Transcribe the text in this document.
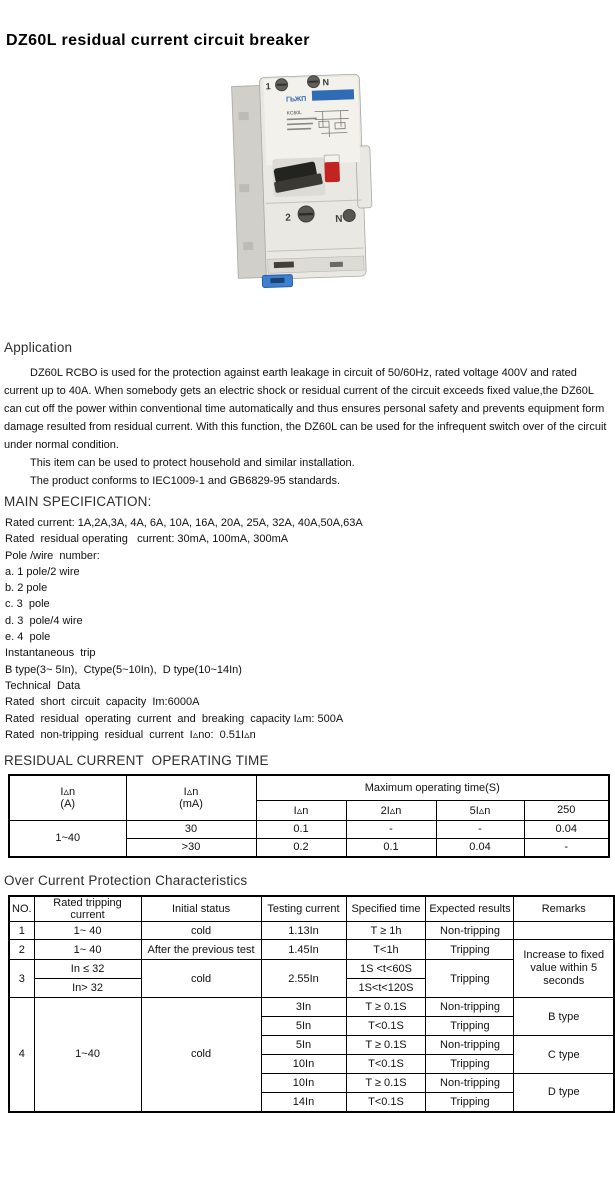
DZ60L residual current circuit breaker
1	N
ГЬЖП
KC60L
2	N
Application
DZ60L RCBO is used for the protection against earth leakage in circuit of 50/60Hz, rated voltage 400V and rated current up to 40A. When somebody gets an electric shock or residual current of the circuit exceeds fixed value,the DZ60L can cut off the power within conventional time automatically and thus ensures personal safety and prevents equipment form damage resulted from residual current. With this function, the DZ60L can be used for the infrequent switch over of the circuit under normal condition.
This item can be used to protect household and similar installation.
The product conforms to IEC1009-1 and GB6829-95 standards.
MAIN SPECIFICATION:
Rated current: 1A,2A,3A, 4A, 6A, 10A, 16A, 20A, 25A, 32A, 40A,50A,63A
Rated  residual operating   current: 30mA, 100mA, 300mA
Pole /wire  number:
a. 1 pole/2 wire
b. 2 pole
c. 3  pole
d. 3  pole/4 wire
e. 4  pole
Instantaneous  trip
B type(3~ 5In),  Ctype(5~10In),  D type(10~14In)
Technical  Data
Rated  short  circuit  capacity  Im:6000A
Rated  residual  operating  current  and  breaking  capacity I▵m: 500A
Rated  non-tripping  residual  current  I▵no:  0.51I▵n
RESIDUAL CURRENT  OPERATING TIME
I▵n
(A)

I▵n
(mA)
	Maximum operating time(S)
		I▵n	2I▵n	5I▵n	250
1~40	30	0.1	-	-	0.04
	>30	0.2	0.1	0.04	-
Over Current Protection Characteristics
NO.	Rated tripping current	Initial status	Testing current	Specified time	Expected results	Remarks
1	1~ 40	cold	1.13In	T ≥ 1h	Non-tripping	
2	1~ 40	After the previous test	1.45In	T<1h	Tripping	Increase to fixed value within 5 seconds
3	In ≤ 32	cold	2.55In	1S <t<60S	Tripping	
	In> 32			1S<t<120S		
4	1~40	cold	3In	T ≥ 0.1S	Non-tripping	B type
			5In	T<0.1S	Tripping	
			5In	T ≥ 0.1S	Non-tripping	C type
			10In	T<0.1S	Tripping	
			10In	T ≥ 0.1S	Non-tripping	D type
			14In	T<0.1S	Tripping	
